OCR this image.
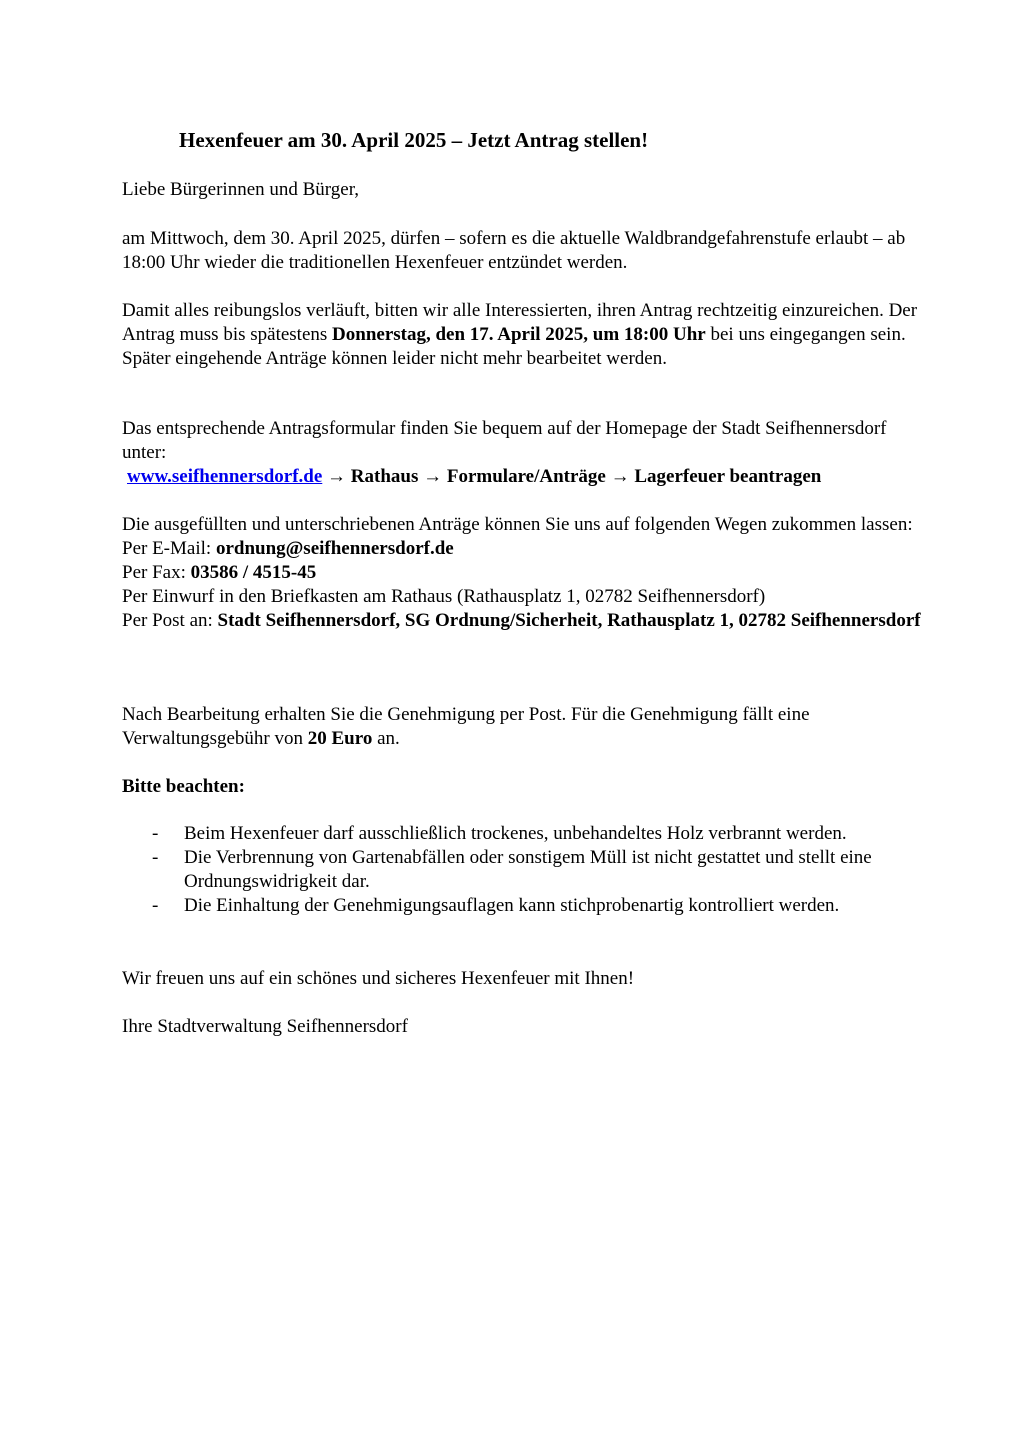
Hexenfeuer am 30. April 2025 – Jetzt Antrag stellen!

Liebe Bürgerinnen und Bürger,

am Mittwoch, dem 30. April 2025, dürfen – sofern es die aktuelle Waldbrandgefahrenstufe erlaubt – ab 18:00 Uhr wieder die traditionellen Hexenfeuer entzündet werden.

Damit alles reibungslos verläuft, bitten wir alle Interessierten, ihren Antrag rechtzeitig einzureichen. Der Antrag muss bis spätestens Donnerstag, den 17. April 2025, um 18:00 Uhr bei uns eingegangen sein. Später eingehende Anträge können leider nicht mehr bearbeitet werden.

Das entsprechende Antragsformular finden Sie bequem auf der Homepage der Stadt Seifhennersdorf unter:
www.seifhennersdorf.de → Rathaus → Formulare/Anträge → Lagerfeuer beantragen

Die ausgefüllten und unterschriebenen Anträge können Sie uns auf folgenden Wegen zukommen lassen:
Per E-Mail: ordnung@seifhennersdorf.de
Per Fax: 03586 / 4515-45
Per Einwurf in den Briefkasten am Rathaus (Rathausplatz 1, 02782 Seifhennersdorf)
Per Post an: Stadt Seifhennersdorf, SG Ordnung/Sicherheit, Rathausplatz 1, 02782 Seifhennersdorf

Nach Bearbeitung erhalten Sie die Genehmigung per Post. Für die Genehmigung fällt eine Verwaltungsgebühr von 20 Euro an.

Bitte beachten:

- Beim Hexenfeuer darf ausschließlich trockenes, unbehandeltes Holz verbrannt werden.
- Die Verbrennung von Gartenabfällen oder sonstigem Müll ist nicht gestattet und stellt eine Ordnungswidrigkeit dar.
- Die Einhaltung der Genehmigungsauflagen kann stichprobenartig kontrolliert werden.

Wir freuen uns auf ein schönes und sicheres Hexenfeuer mit Ihnen!

Ihre Stadtverwaltung Seifhennersdorf
